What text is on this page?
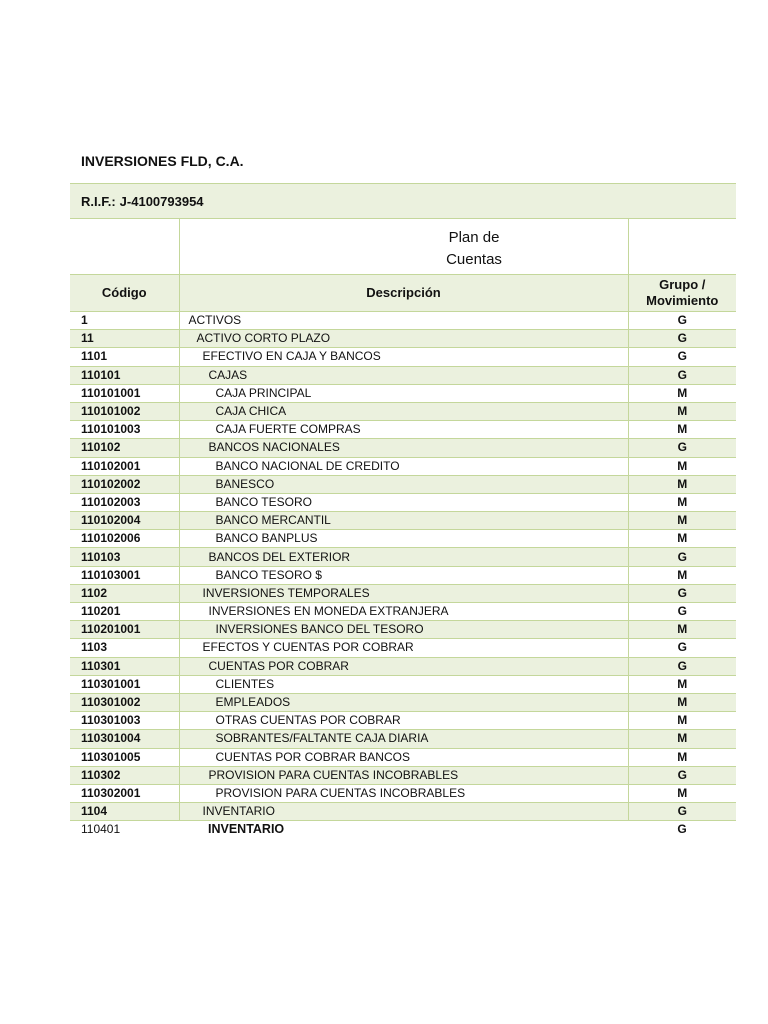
INVERSIONES FLD, C.A.
R.I.F.: J-4100793954
Plan de
Cuentas
Código	Descripción	Grupo /
Movimiento

1	ACTIVOS	G
11	ACTIVO CORTO PLAZO	G
1101	EFECTIVO EN CAJA Y BANCOS	G
110101	CAJAS	G
110101001	CAJA PRINCIPAL	M
110101002	CAJA CHICA	M
110101003	CAJA FUERTE COMPRAS	M
110102	BANCOS NACIONALES	G
110102001	BANCO NACIONAL DE CREDITO	M
110102002	BANESCO	M
110102003	BANCO TESORO	M
110102004	BANCO MERCANTIL	M
110102006	BANCO BANPLUS	M
110103	BANCOS DEL EXTERIOR	G
110103001	BANCO TESORO $	M
1102	INVERSIONES TEMPORALES	G
110201	INVERSIONES EN MONEDA EXTRANJERA	G
110201001	INVERSIONES BANCO DEL TESORO	M
1103	EFECTOS Y CUENTAS POR COBRAR	G
110301	CUENTAS POR COBRAR	G
110301001	CLIENTES	M
110301002	EMPLEADOS	M
110301003	OTRAS CUENTAS POR COBRAR	M
110301004	SOBRANTES/FALTANTE CAJA DIARIA	M
110301005	CUENTAS POR COBRAR BANCOS	M
110302	PROVISION PARA CUENTAS INCOBRABLES	G
110302001	PROVISION PARA CUENTAS INCOBRABLES	M
1104	INVENTARIO	G
110401	INVENTARIO	G
